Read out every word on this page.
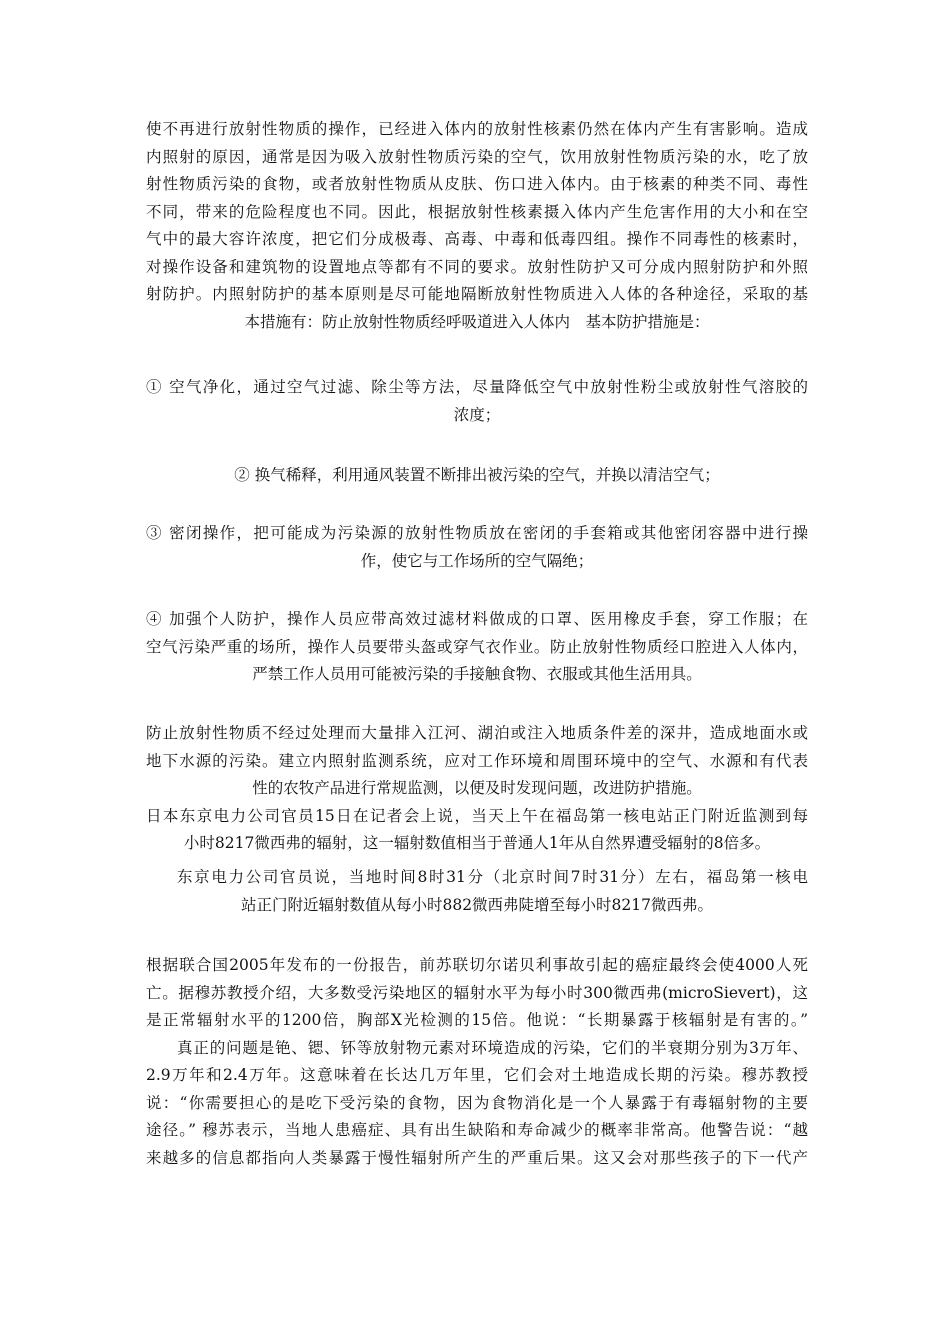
使不再进行放射性物质的操作，已经进入体内的放射性核素仍然在体内产生有害影响。造成
内照射的原因，通常是因为吸入放射性物质污染的空气，饮用放射性物质污染的水，吃了放
射性物质污染的食物，或者放射性物质从皮肤、伤口进入体内。由于核素的种类不同、毒性
不同，带来的危险程度也不同。因此，根据放射性核素摄入体内产生危害作用的大小和在空
气中的最大容许浓度，把它们分成极毒、高毒、中毒和低毒四组。操作不同毒性的核素时，
对操作设备和建筑物的设置地点等都有不同的要求。放射性防护又可分成内照射防护和外照
射防护。内照射防护的基本原则是尽可能地隔断放射性物质进入人体的各种途径，采取的基
本措施有：防止放射性物质经呼吸道进入人体内　基本防护措施是：
① 空气净化，通过空气过滤、除尘等方法，尽量降低空气中放射性粉尘或放射性气溶胶的
浓度；
② 换气稀释，利用通风装置不断排出被污染的空气，并换以清洁空气；
③ 密闭操作，把可能成为污染源的放射性物质放在密闭的手套箱或其他密闭容器中进行操
作，使它与工作场所的空气隔绝；
④ 加强个人防护，操作人员应带高效过滤材料做成的口罩、医用橡皮手套，穿工作服；在
空气污染严重的场所，操作人员要带头盔或穿气衣作业。防止放射性物质经口腔进入人体内，
严禁工作人员用可能被污染的手接触食物、衣服或其他生活用具。
防止放射性物质不经过处理而大量排入江河、湖泊或注入地质条件差的深井，造成地面水或
地下水源的污染。建立内照射监测系统，应对工作环境和周围环境中的空气、水源和有代表
性的农牧产品进行常规监测，以便及时发现问题，改进防护措施。
日本东京电力公司官员15日在记者会上说，当天上午在福岛第一核电站正门附近监测到每
小时8217微西弗的辐射，这一辐射数值相当于普通人1年从自然界遭受辐射的8倍多。
东京电力公司官员说，当地时间8时31分（北京时间7时31分）左右，福岛第一核电
站正门附近辐射数值从每小时882微西弗陡增至每小时8217微西弗。
根据联合国2005年发布的一份报告，前苏联切尔诺贝利事故引起的癌症最终会使4000人死
亡。据穆苏教授介绍，大多数受污染地区的辐射水平为每小时300微西弗(microSievert)，这
是正常辐射水平的1200倍，胸部X光检测的15倍。他说：“长期暴露于核辐射是有害的。”
真正的问题是铯、锶、钚等放射物元素对环境造成的污染，它们的半衰期分别为3万年、
2.9万年和2.4万年。这意味着在长达几万年里，它们会对土地造成长期的污染。穆苏教授
说：“你需要担心的是吃下受污染的食物，因为食物消化是一个人暴露于有毒辐射物的主要
途径。” 穆苏表示，当地人患癌症、具有出生缺陷和寿命减少的概率非常高。他警告说：“越
来越多的信息都指向人类暴露于慢性辐射所产生的严重后果。这又会对那些孩子的下一代产
